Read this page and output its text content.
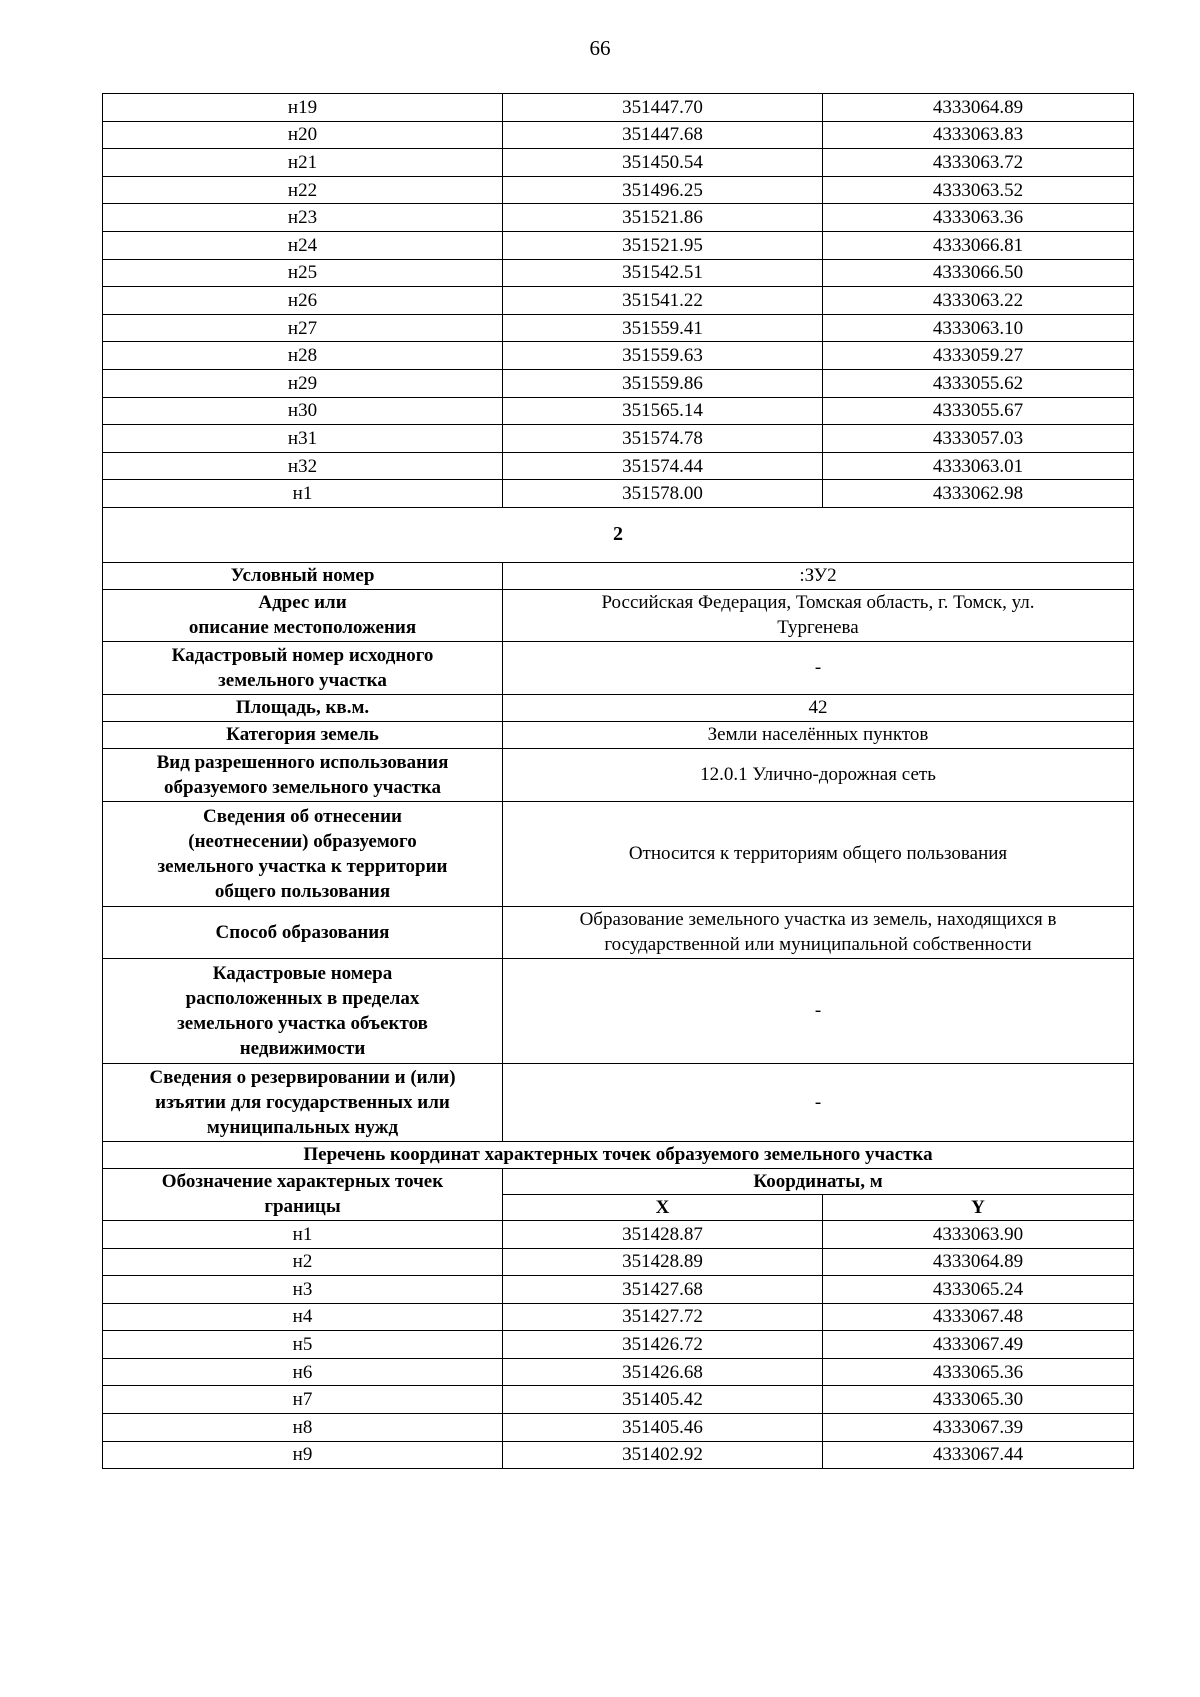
66
н19	351447.70	4333064.89
н20	351447.68	4333063.83
н21	351450.54	4333063.72
н22	351496.25	4333063.52
н23	351521.86	4333063.36
н24	351521.95	4333066.81
н25	351542.51	4333066.50
н26	351541.22	4333063.22
н27	351559.41	4333063.10
н28	351559.63	4333059.27
н29	351559.86	4333055.62
н30	351565.14	4333055.67
н31	351574.78	4333057.03
н32	351574.44	4333063.01
н1	351578.00	4333062.98
2		
Условный номер	:ЗУ2	
Адрес или
описание местоположения	Российская Федерация, Томская область, г. Томск, ул.
Тургенева	
Кадастровый номер исходного
земельного участка	-	
Площадь, кв.м.	42	
Категория земель	Земли населённых пунктов	
Вид разрешенного использования
образуемого земельного участка	12.0.1 Улично-дорожная сеть	
Сведения об отнесении
(неотнесении) образуемого
земельного участка к территории
общего пользования	Относится к территориям общего пользования	
Способ образования	Образование земельного участка из земель, находящихся в
государственной или муниципальной собственности	
Кадастровые номера
расположенных в пределах
земельного участка объектов
недвижимости	-	
Сведения о резервировании и (или)
изъятии для государственных или
муниципальных нужд	-	
Перечень координат характерных точек образуемого земельного участка		
Обозначение характерных точек
границы	Координаты, м	
	X	Y
н1	351428.87	4333063.90
н2	351428.89	4333064.89
н3	351427.68	4333065.24
н4	351427.72	4333067.48
н5	351426.72	4333067.49
н6	351426.68	4333065.36
н7	351405.42	4333065.30
н8	351405.46	4333067.39
н9	351402.92	4333067.44
